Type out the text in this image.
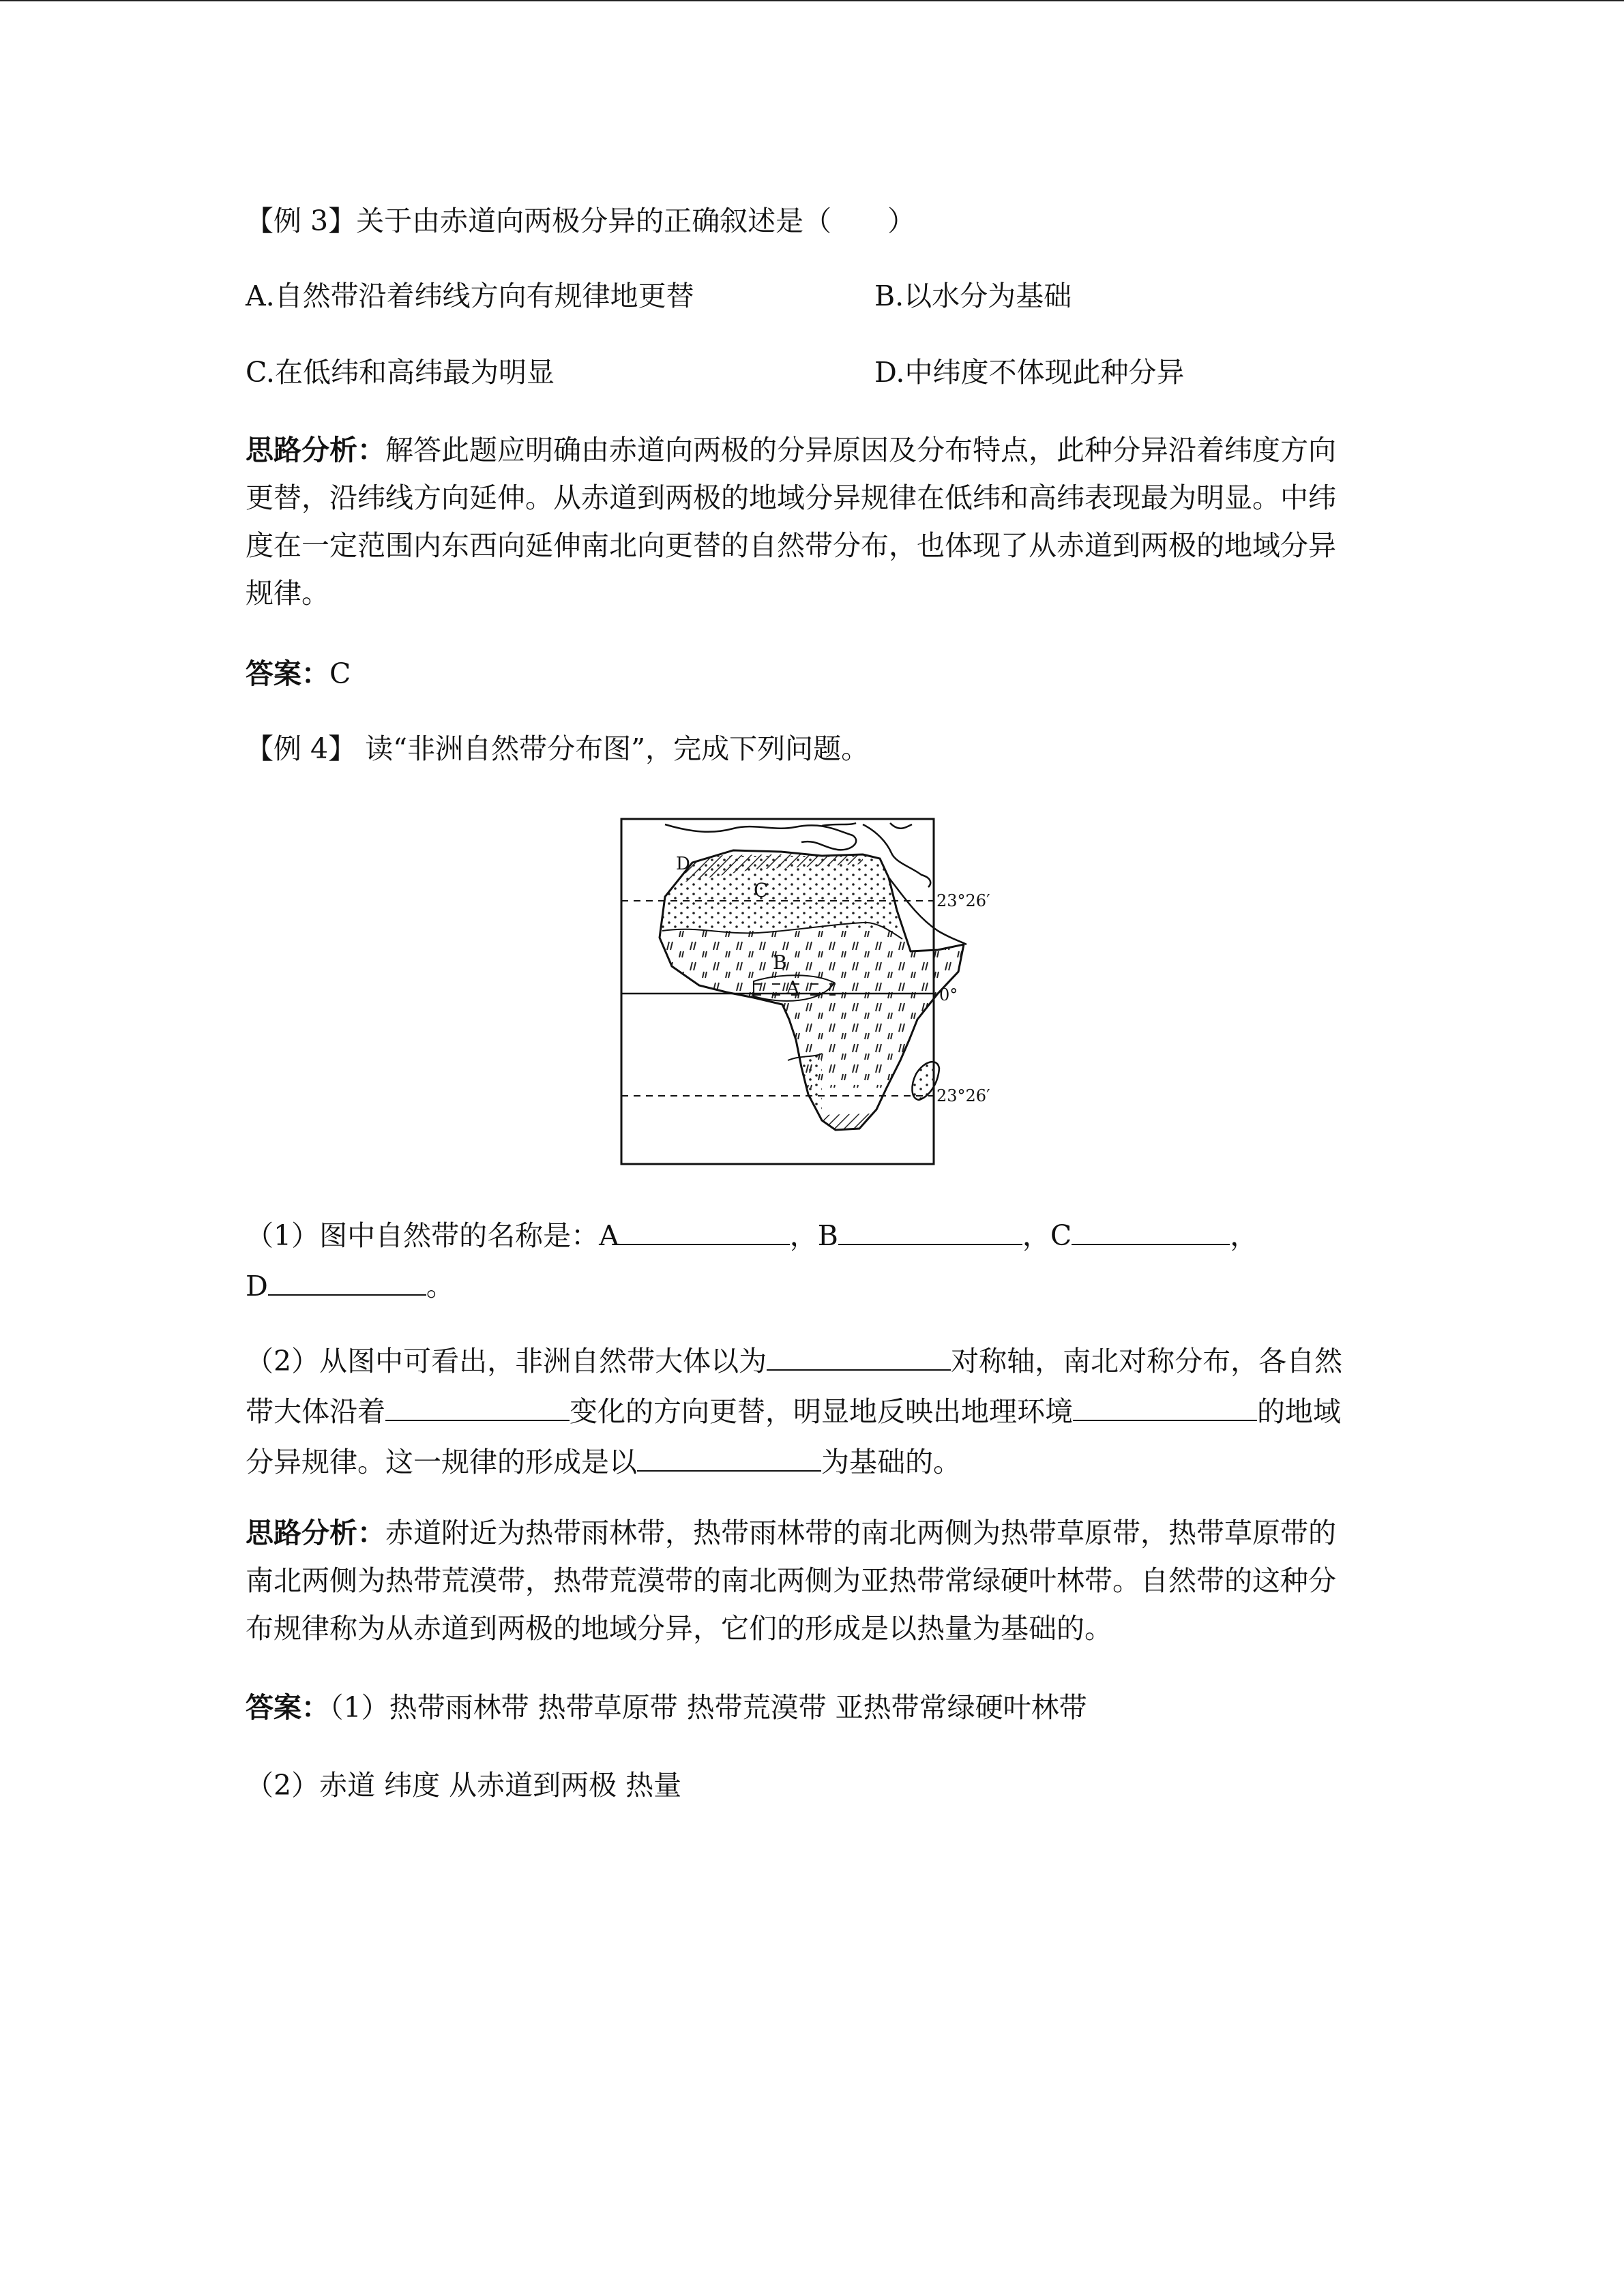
【例 3】关于由赤道向两极分异的正确叙述是（　　）
A.自然带沿着纬线方向有规律地更替	B.以水分为基础
C.在低纬和高纬最为明显	D.中纬度不体现此种分异
思路分析：解答此题应明确由赤道向两极的分异原因及分布特点，此种分异沿着纬度方向
更替，沿纬线方向延伸。从赤道到两极的地域分异规律在低纬和高纬表现最为明显。中纬
度在一定范围内东西向延伸南北向更替的自然带分布，也体现了从赤道到两极的地域分异
规律。
答案：C
【例 4】 读“非洲自然带分布图”，完成下列问题。
23°26′
0°
23°26′
C
B
A
D
（1）图中自然带的名称是：A	，B	，C	，
D	。
（2）从图中可看出，非洲自然带大体以为	对称轴，南北对称分布，各自然
带大体沿着	变化的方向更替，明显地反映出地理环境	的地域
分异规律。这一规律的形成是以	为基础的。
思路分析：赤道附近为热带雨林带，热带雨林带的南北两侧为热带草原带，热带草原带的
南北两侧为热带荒漠带，热带荒漠带的南北两侧为亚热带常绿硬叶林带。自然带的这种分
布规律称为从赤道到两极的地域分异，它们的形成是以热量为基础的。
答案：（1）热带雨林带 热带草原带 热带荒漠带 亚热带常绿硬叶林带
（2）赤道 纬度 从赤道到两极 热量
